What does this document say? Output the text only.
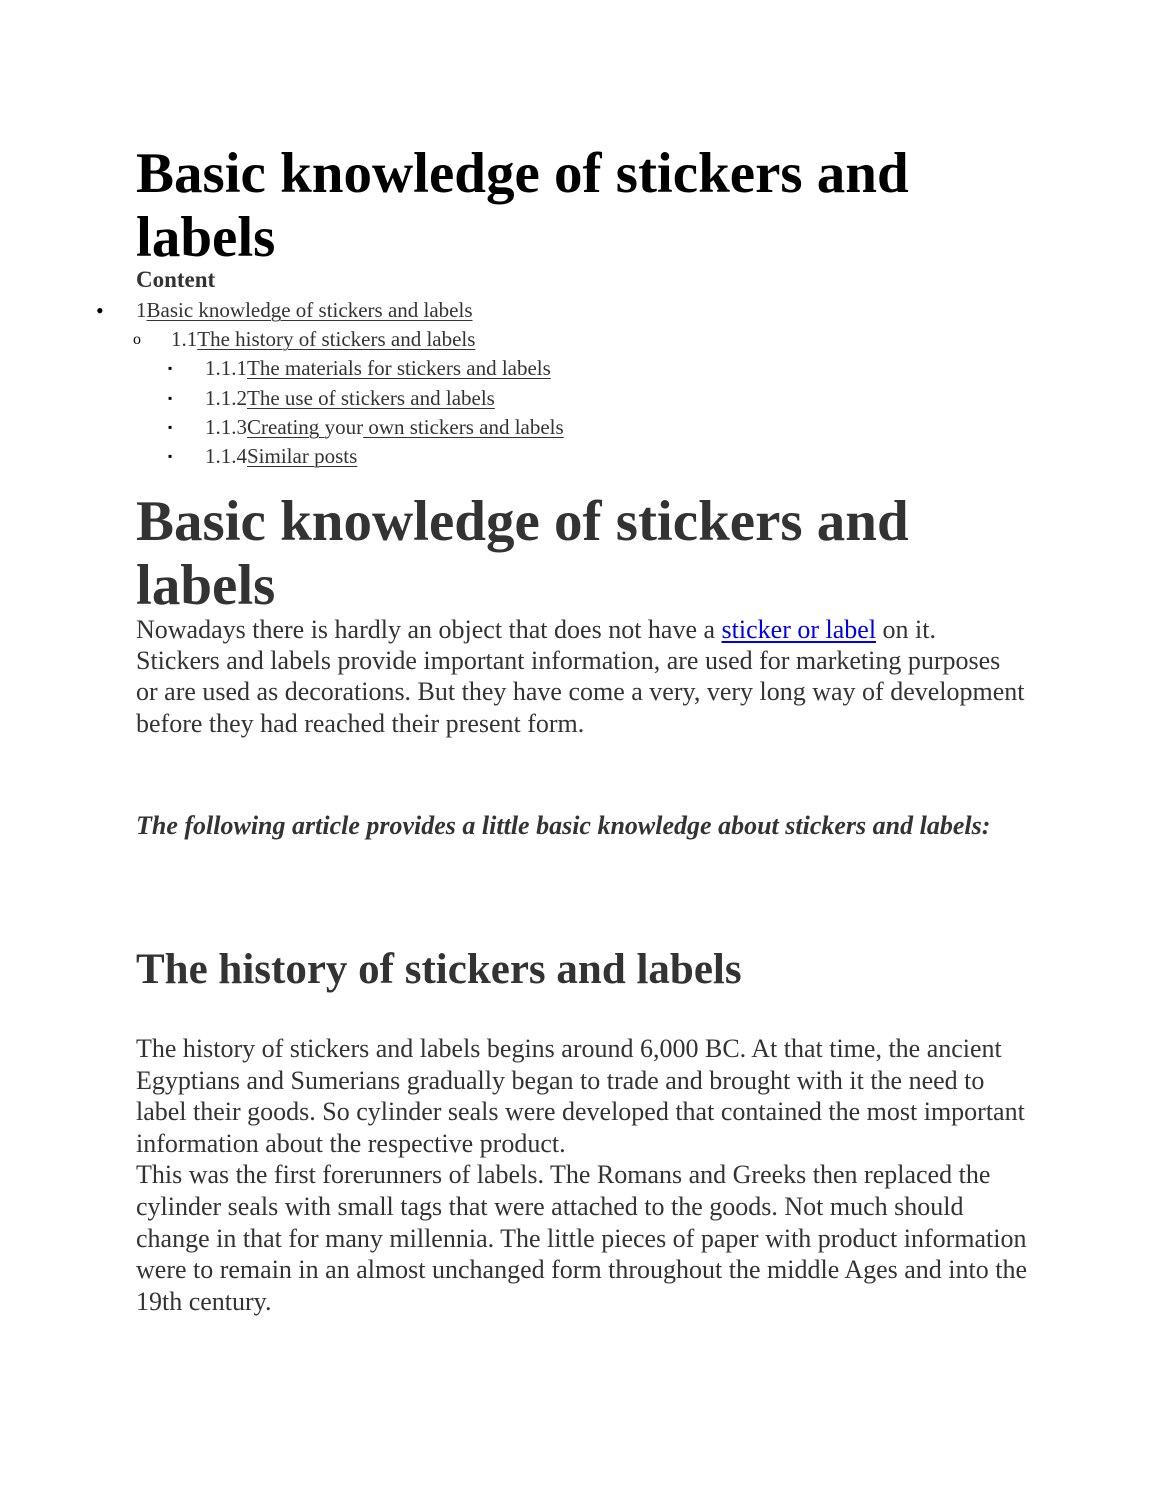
Basic knowledge of stickers and labels
Content
• 1Basic knowledge of stickers and labels
o 1.1The history of stickers and labels
▪ 1.1.1The materials for stickers and labels
▪ 1.1.2The use of stickers and labels
▪ 1.1.3Creating your own stickers and labels
▪ 1.1.4Similar posts
Basic knowledge of stickers and labels

Nowadays there is hardly an object that does not have a sticker or label on it. Stickers and labels provide important information, are used for marketing purposes or are used as decorations. But they have come a very, very long way of development before they had reached their present form.

The following article provides a little basic knowledge about stickers and labels:

The history of stickers and labels

The history of stickers and labels begins around 6,000 BC. At that time, the ancient Egyptians and Sumerians gradually began to trade and brought with it the need to label their goods. So cylinder seals were developed that contained the most important information about the respective product.

This was the first forerunners of labels. The Romans and Greeks then replaced the cylinder seals with small tags that were attached to the goods. Not much should change in that for many millennia. The little pieces of paper with product information were to remain in an almost unchanged form throughout the middle Ages and into the 19th century.
